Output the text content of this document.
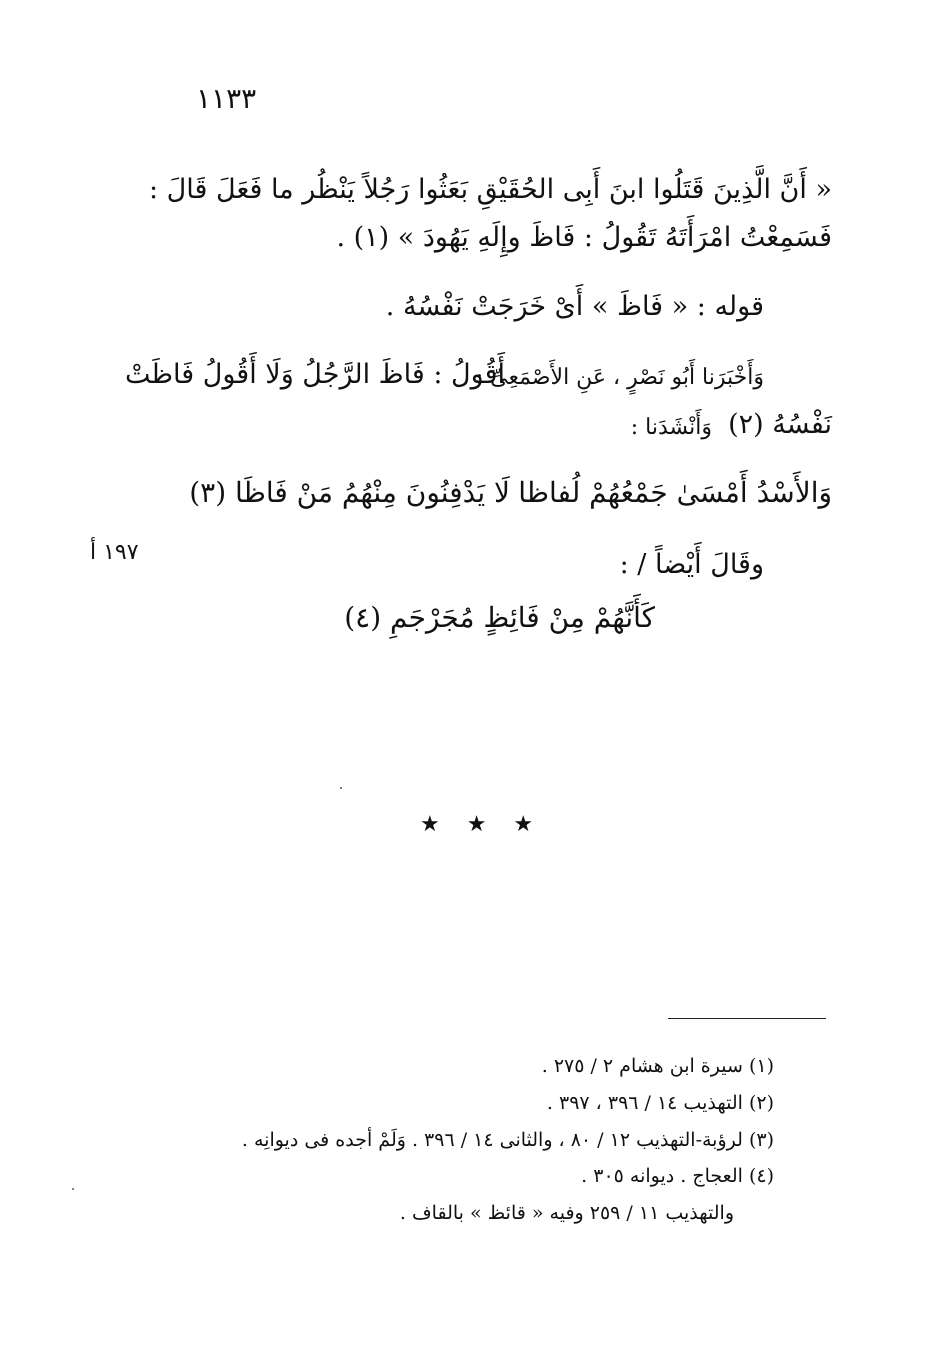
١١٣٣
« أَنَّ الَّذِينَ قَتَلُوا ابنَ أَبِى الحُقَيْقِ بَعَثُوا رَجُلاً يَنْظُر ما فَعَلَ قَالَ :
فَسَمِعْتُ امْرَأَتَهُ تَقُولُ : فَاظَ وإِلَهِ يَهُودَ » (١) .
قوله : « فَاظَ » أَىْ خَرَجَتْ نَفْسُهُ .
وَأَخْبَرَنا أَبُو نَصْرٍ ، عَنِ الأَصْمَعِىِّ :
أَقُولُ : فَاظَ الرَّجُلُ وَلَا أَقُولُ فَاظَتْ
نَفْسُهُ (٢)
وَأَنْشَدَنا :
وَالأَسْدُ أَمْسَىٰ جَمْعُهُمْ لُفاظا
لَا يَدْفِنُونَ مِنْهُمُ مَنْ فَاظَا (٣)
وقَالَ أَيْضاً / :
١٩٧ أ
كَأَنَّهُمْ مِنْ فَائِظٍ مُجَرْجَمِ (٤)
★ ★ ★
(١) سيرة ابن هشام ٢ / ٢٧٥ .
(٢) التهذيب ١٤ / ٣٩٦ ، ٣٩٧ .
(٣) لرؤبة-التهذيب ١٢ / ٨٠ ، والثانى ١٤ / ٣٩٦ . وَلَمْ أجده فى ديوانِه .
(٤) العجاج . ديوانه ٣٠٥ .
والتهذيب ١١ / ٢٥٩ وفيه « قائظ » بالقاف .
